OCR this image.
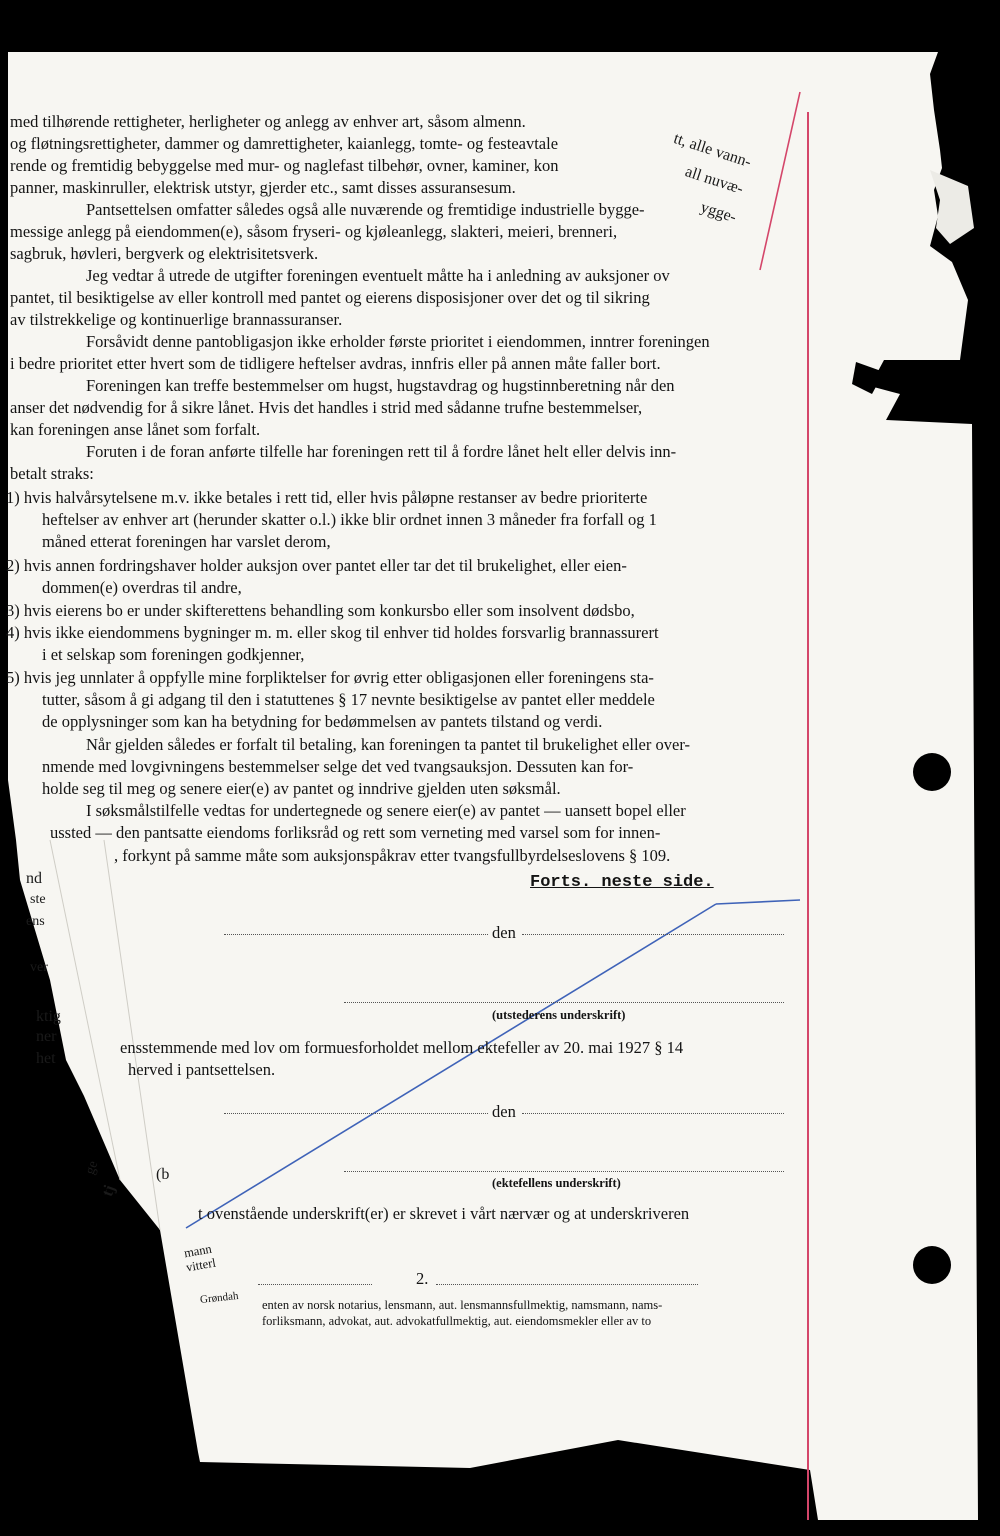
med tilhørende rettigheter, herligheter og anlegg av enhver art, såsom almenn.
og fløtningsrettigheter, dammer og damrettigheter, kaianlegg, tomte- og festeavtale
rende og fremtidig bebyggelse med mur- og naglefast tilbehør, ovner, kaminer, kon
panner, maskinruller, elektrisk utstyr, gjerder etc., samt disses assuransesum.
Pantsettelsen omfatter således også alle nuværende og fremtidige industrielle bygge-
messige anlegg på eiendommen(e), såsom fryseri- og kjøleanlegg, slakteri, meieri, brenneri,
sagbruk, høvleri, bergverk og elektrisitetsverk.
Jeg vedtar å utrede de utgifter foreningen eventuelt måtte ha i anledning av auksjoner ov
pantet, til besiktigelse av eller kontroll med pantet og eierens disposisjoner over det og til sikring
av tilstrekkelige og kontinuerlige brannassuranser.
Forsåvidt denne pantobligasjon ikke erholder første prioritet i eiendommen, inntrer foreningen
i bedre prioritet etter hvert som de tidligere heftelser avdras, innfris eller på annen måte faller bort.
Foreningen kan treffe bestemmelser om hugst, hugstavdrag og hugstinnberetning når den
anser det nødvendig for å sikre lånet. Hvis det handles i strid med sådanne trufne bestemmelser,
kan foreningen anse lånet som forfalt.
Foruten i de foran anførte tilfelle har foreningen rett til å fordre lånet helt eller delvis inn-
betalt straks:
1) hvis halvårsytelsene m.v. ikke betales i rett tid, eller hvis påløpne restanser av bedre prioriterte
heftelser av enhver art (herunder skatter o.l.) ikke blir ordnet innen 3 måneder fra forfall og 1
måned etterat foreningen har varslet derom,
2) hvis annen fordringshaver holder auksjon over pantet eller tar det til brukelighet, eller eien-
dommen(e) overdras til andre,
3) hvis eierens bo er under skifterettens behandling som konkursbo eller som insolvent dødsbo,
4) hvis ikke eiendommens bygninger m. m. eller skog til enhver tid holdes forsvarlig brannassurert
i et selskap som foreningen godkjenner,
5) hvis jeg unnlater å oppfylle mine forpliktelser for øvrig etter obligasjonen eller foreningens sta-
tutter, såsom å gi adgang til den i statuttenes § 17 nevnte besiktigelse av pantet eller meddele
de opplysninger som kan ha betydning for bedømmelsen av pantets tilstand og verdi.
Når gjelden således er forfalt til betaling, kan foreningen ta pantet til brukelighet eller over-
nmende med lovgivningens bestemmelser selge det ved tvangsauksjon. Dessuten kan for-
holde seg til meg og senere eier(e) av pantet og inndrive gjelden uten søksmål.
I søksmålstilfelle vedtas for undertegnede og senere eier(e) av pantet — uansett bopel eller
ussted — den pantsatte eiendoms forliksråd og rett som verneting med varsel som for innen-
, forkynt på samme måte som auksjonspåkrav etter tvangsfullbyrdelseslovens § 109.
tt, alle vann-
all nuvæ-
ygge-
Forts. neste side.
den
(utstederens underskrift)
ensstemmende med lov om formuesforholdet mellom ektefeller av 20. mai 1927 § 14
herved i pantsettelsen.
den
(ektefellens underskrift)
t ovenstående underskrift(er) er skrevet i vårt nærvær og at underskriveren
2.
enten av norsk notarius, lensmann, aut. lensmannsfullmektig, namsmann, nams-
forliksmann, advokat, aut. advokatfullmektig, aut. eiendomsmekler eller av to
nd
ste
ens
ver
ktig
ner
het
ge
tj
(b
mann
vitterl
Grøndah
